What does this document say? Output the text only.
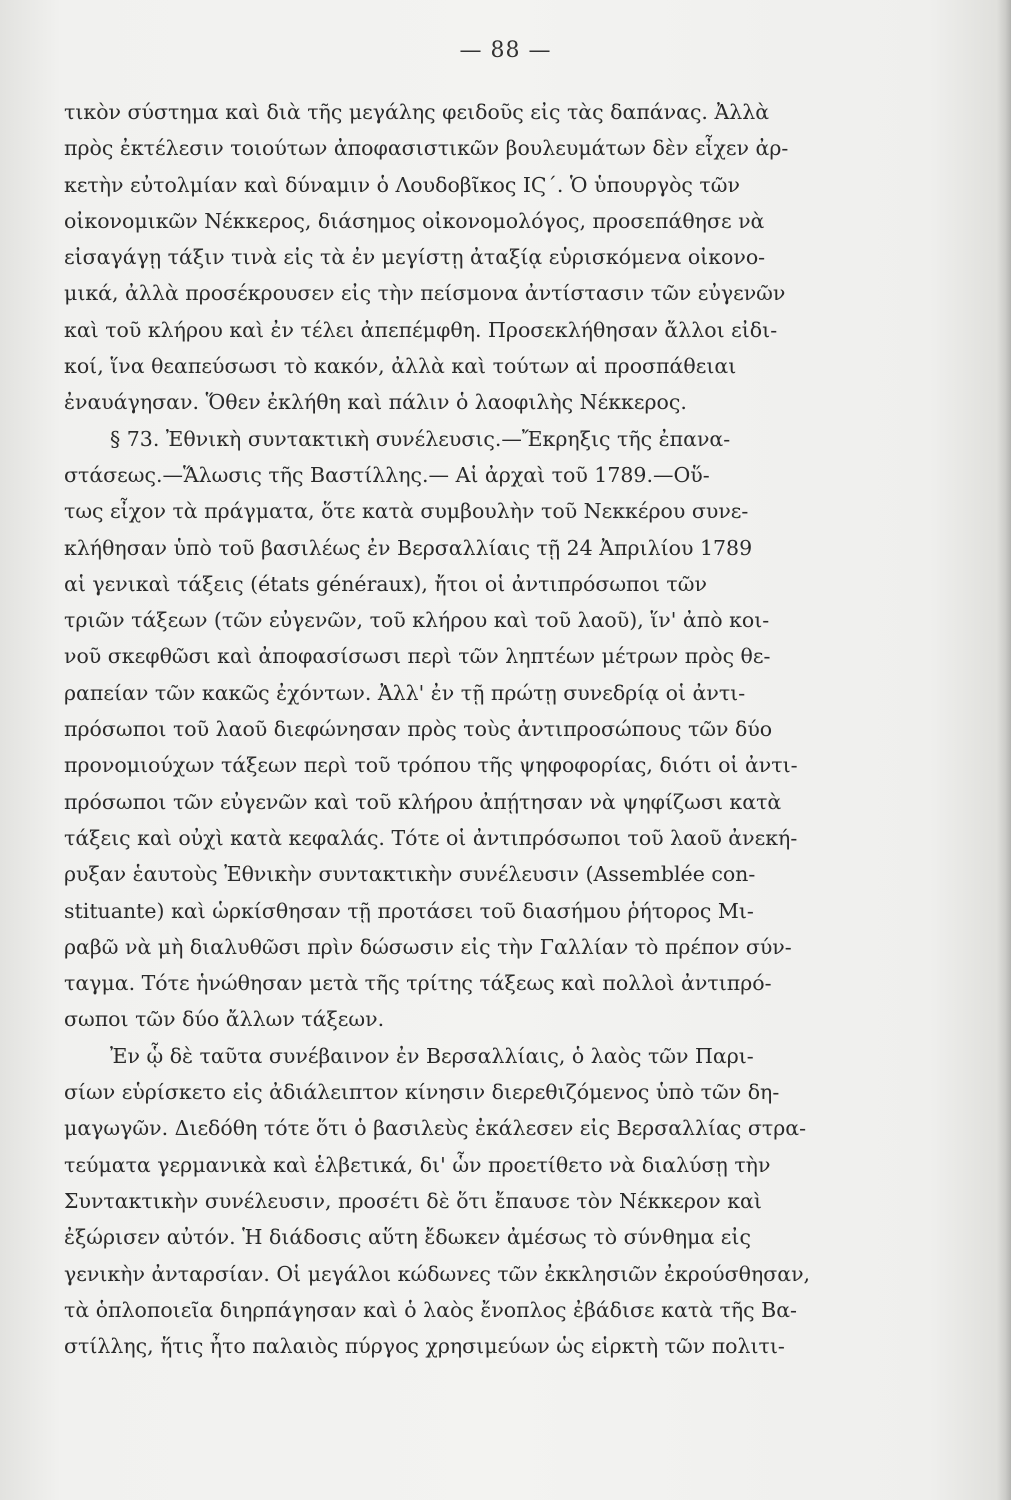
— 88 —
τικὸν σύστημα καὶ διὰ τῆς μεγάλης φειδοῦς εἰς τὰς δαπάνας. Ἀλλὰ
πρὸς ἐκτέλεσιν τοιούτων ἀποφασιστικῶν βουλευμάτων δὲν εἶχεν ἀρ-
κετὴν εὐτολμίαν καὶ δύναμιν ὁ Λουδοβῖκος ΙϚ΄. Ὁ ὑπουργὸς τῶν
οἰκονομικῶν Νέκκερος, διάσημος οἰκονομολόγος, προσεπάθησε νὰ
εἰσαγάγῃ τάξιν τινὰ εἰς τὰ ἐν μεγίστῃ ἀταξίᾳ εὑρισκόμενα οἰκονο-
μικά, ἀλλὰ προσέκρουσεν εἰς τὴν πείσμονα ἀντίστασιν τῶν εὐγενῶν
καὶ τοῦ κλήρου καὶ ἐν τέλει ἀπεπέμφθη. Προσεκλήθησαν ἄλλοι εἰδι-
κοί, ἵνα θεαπεύσωσι τὸ κακόν, ἀλλὰ καὶ τούτων αἱ προσπάθειαι
ἐναυάγησαν. Ὅθεν ἐκλήθη καὶ πάλιν ὁ λαοφιλὴς Νέκκερος.
§ 73. Ἐθνικὴ συντακτικὴ συνέλευσις.—Ἔκρηξις τῆς ἐπανα-
στάσεως.—Ἅλωσις τῆς Βαστίλλης.— Αἱ ἀρχαὶ τοῦ 1789.—Οὕ-
τως εἶχον τὰ πράγματα, ὅτε κατὰ συμβουλὴν τοῦ Νεκκέρου συνε-
κλήθησαν ὑπὸ τοῦ βασιλέως ἐν Βερσαλλίαις τῇ 24 Ἀπριλίου 1789
αἱ γενικαὶ τάξεις (états généraux), ἤτοι οἱ ἀντιπρόσωποι τῶν
τριῶν τάξεων (τῶν εὐγενῶν, τοῦ κλήρου καὶ τοῦ λαοῦ), ἵν' ἀπὸ κοι-
νοῦ σκεφθῶσι καὶ ἀποφασίσωσι περὶ τῶν ληπτέων μέτρων πρὸς θε-
ραπείαν τῶν κακῶς ἐχόντων. Ἀλλ' ἐν τῇ πρώτῃ συνεδρίᾳ οἱ ἀντι-
πρόσωποι τοῦ λαοῦ διεφώνησαν πρὸς τοὺς ἀντιπροσώπους τῶν δύο
προνομιούχων τάξεων περὶ τοῦ τρόπου τῆς ψηφοφορίας, διότι οἱ ἀντι-
πρόσωποι τῶν εὐγενῶν καὶ τοῦ κλήρου ἀπῄτησαν νὰ ψηφίζωσι κατὰ
τάξεις καὶ οὐχὶ κατὰ κεφαλάς. Τότε οἱ ἀντιπρόσωποι τοῦ λαοῦ ἀνεκή-
ρυξαν ἑαυτοὺς Ἐθνικὴν συντακτικὴν συνέλευσιν (Assemblée con-
stituante) καὶ ὡρκίσθησαν τῇ προτάσει τοῦ διασήμου ῥήτορος Μι-
ραβῶ νὰ μὴ διαλυθῶσι πρὶν δώσωσιν εἰς τὴν Γαλλίαν τὸ πρέπον σύν-
ταγμα. Τότε ἡνώθησαν μετὰ τῆς τρίτης τάξεως καὶ πολλοὶ ἀντιπρό-
σωποι τῶν δύο ἄλλων τάξεων.
Ἐν ᾧ δὲ ταῦτα συνέβαινον ἐν Βερσαλλίαις, ὁ λαὸς τῶν Παρι-
σίων εὑρίσκετο εἰς ἀδιάλειπτον κίνησιν διερεθιζόμενος ὑπὸ τῶν δη-
μαγωγῶν. Διεδόθη τότε ὅτι ὁ βασιλεὺς ἐκάλεσεν εἰς Βερσαλλίας στρα-
τεύματα γερμανικὰ καὶ ἑλβετικά, δι' ὧν προετίθετο νὰ διαλύσῃ τὴν
Συντακτικὴν συνέλευσιν, προσέτι δὲ ὅτι ἔπαυσε τὸν Νέκκερον καὶ
ἐξώρισεν αὐτόν. Ἡ διάδοσις αὕτη ἔδωκεν ἀμέσως τὸ σύνθημα εἰς
γενικὴν ἀνταρσίαν. Οἱ μεγάλοι κώδωνες τῶν ἐκκλησιῶν ἐκρούσθησαν,
τὰ ὁπλοποιεῖα διηρπάγησαν καὶ ὁ λαὸς ἔνοπλος ἐβάδισε κατὰ τῆς Βα-
στίλλης, ἥτις ἦτο παλαιὸς πύργος χρησιμεύων ὡς εἱρκτὴ τῶν πολιτι-
